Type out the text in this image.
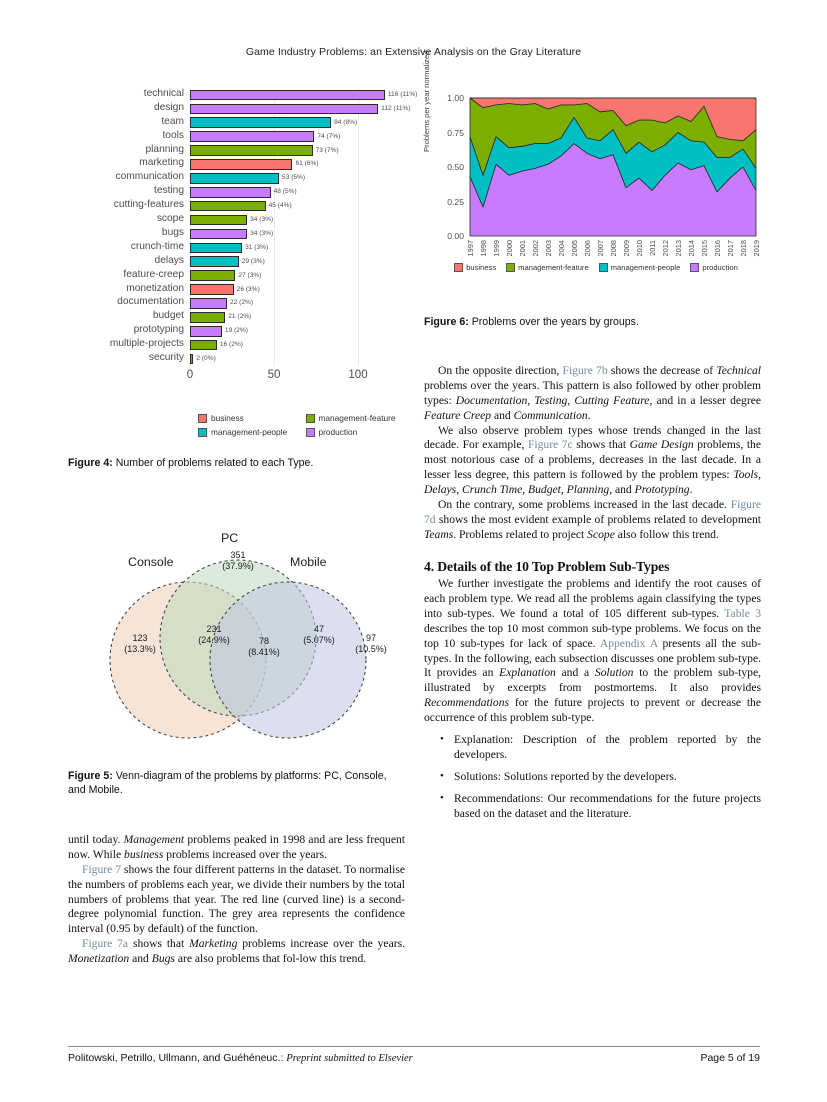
Game Industry Problems: an Extensive Analysis on the Gray Literature
116 (11%)
112 (11%)
84 (8%)
74 (7%)
73 (7%)
61 (6%)
53 (5%)
48 (5%)
45 (4%)
34 (3%)
34 (3%)
31 (3%)
29 (3%)
27 (3%)
26 (3%)
22 (2%)
21 (2%)
19 (2%)
16 (2%)
2 (0%)
technical
design
team
tools
planning
marketing
communication
testing
cutting-features
scope
bugs
crunch-time
delays
feature-creep
monetization
documentation
budget
prototyping
multiple-projects
security
0	50	100
business	management-feature
management-people	production
Figure 4: Number of problems related to each Type.
Problems per year normalized
0.00
0.25
0.50
0.75
1.00
1997 1998 1999 2000 2001 2002 2003 2004 2005 2006 2007 2008 2009 2010 2011 2012 2013 2014 2015 2016 2017 2018 2019
business	management-feature	management-people	production
Figure 6: Problems over the years by groups.
Console
PC
Mobile
123
(13.3%)
231
(24.9%)
351
(37.9%)
78
(8.41%)
47
(5.07%)	97
(10.5%)
Figure 5: Venn-diagram of the problems by platforms: PC, Console, and Mobile.

until today. Management problems peaked in 1998 and are less frequent now. While business problems increased over the years.

Figure 7 shows the four different patterns in the dataset. To normalise the numbers of problems each year, we divide their numbers by the total numbers of problems that year. The red line (curved line) is a second-degree polynomial function. The grey area represents the confidence interval (0.95 by default) of the function.

Figure 7a shows that Marketing problems increase over the years. Monetization and Bugs are also problems that fol-low this trend.

On the opposite direction, Figure 7b shows the decrease of Technical problems over the years. This pattern is also followed by other problem types: Documentation, Testing, Cutting Feature, and in a lesser degree Feature Creep and Communication.

We also observe problem types whose trends changed in the last decade. For example, Figure 7c shows that Game Design problems, the most notorious case of a problems, decreases in the last decade. In a lesser less degree, this pattern is followed by the problem types: Tools, Delays, Crunch Time, Budget, Planning, and Prototyping.

On the contrary, some problems increased in the last decade. Figure 7d shows the most evident example of problems related to development Teams. Problems related to project Scope also follow this trend.

4. Details of the 10 Top Problem Sub-Types

We further investigate the problems and identify the root causes of each problem type. We read all the problems again classifying the types into sub-types. We found a total of 105 different sub-types. Table 3 describes the top 10 most common sub-type problems. We focus on the top 10 sub-types for lack of space. Appendix A presents all the sub-types. In the following, each subsection discusses one problem sub-type. It provides an Explanation and a Solution to the problem sub-type, illustrated by excerpts from postmortems. It also provides Recommendations for the future projects to prevent or decrease the occurrence of this problem sub-type.

• Explanation: Description of the problem reported by the developers.
• Solutions: Solutions reported by the developers.
• Recommendations: Our recommendations for the future projects based on the dataset and the literature.
Politowski, Petrillo, Ullmann, and Guéhéneuc.: Preprint submitted to Elsevier	Page 5 of 19
